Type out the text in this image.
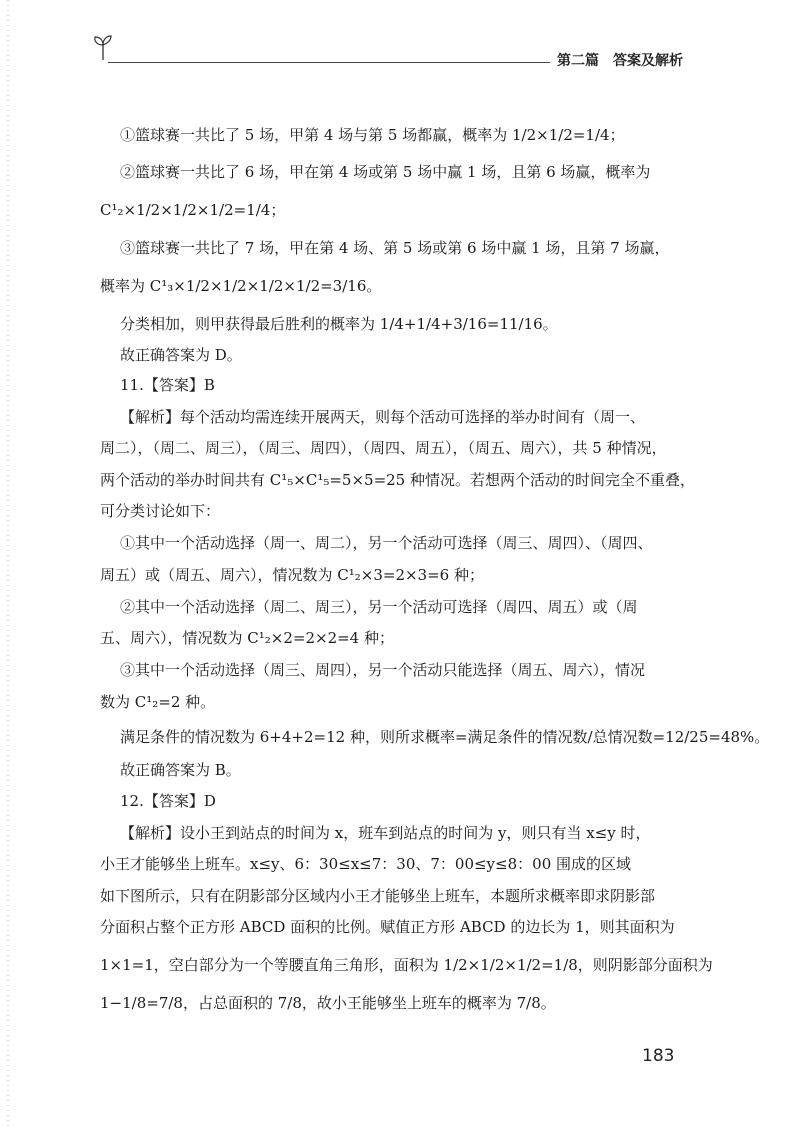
第二篇　答案及解析
①篮球赛一共比了 5 场，甲第 4 场与第 5 场都赢，概率为 1/2×1/2=1/4；
②篮球赛一共比了 6 场，甲在第 4 场或第 5 场中赢 1 场，且第 6 场赢，概率为
C¹₂×1/2×1/2×1/2=1/4；
③篮球赛一共比了 7 场，甲在第 4 场、第 5 场或第 6 场中赢 1 场，且第 7 场赢，
概率为 C¹₃×1/2×1/2×1/2×1/2=3/16。
分类相加，则甲获得最后胜利的概率为 1/4+1/4+3/16=11/16。
故正确答案为 D。
11.【答案】B
【解析】每个活动均需连续开展两天，则每个活动可选择的举办时间有（周一、
周二），（周二、周三），（周三、周四），（周四、周五），（周五、周六），共 5 种情况，
两个活动的举办时间共有 C¹₅×C¹₅=5×5=25 种情况。若想两个活动的时间完全不重叠，
可分类讨论如下：
①其中一个活动选择（周一、周二），另一个活动可选择（周三、周四）、（周四、
周五）或（周五、周六），情况数为 C¹₂×3=2×3=6 种；
②其中一个活动选择（周二、周三），另一个活动可选择（周四、周五）或（周
五、周六），情况数为 C¹₂×2=2×2=4 种；
③其中一个活动选择（周三、周四），另一个活动只能选择（周五、周六），情况
数为 C¹₂=2 种。
满足条件的情况数为 6+4+2=12 种，则所求概率=满足条件的情况数/总情况数=12/25=48%。
故正确答案为 B。
12.【答案】D
【解析】设小王到站点的时间为 x，班车到站点的时间为 y，则只有当 x≤y 时，
小王才能够坐上班车。x≤y、6：30≤x≤7：30、7：00≤y≤8：00 围成的区域
如下图所示，只有在阴影部分区域内小王才能够坐上班车，本题所求概率即求阴影部
分面积占整个正方形 ABCD 面积的比例。赋值正方形 ABCD 的边长为 1，则其面积为
1×1=1，空白部分为一个等腰直角三角形，面积为 1/2×1/2×1/2=1/8，则阴影部分面积为
1−1/8=7/8，占总面积的 7/8，故小王能够坐上班车的概率为 7/8。
183
